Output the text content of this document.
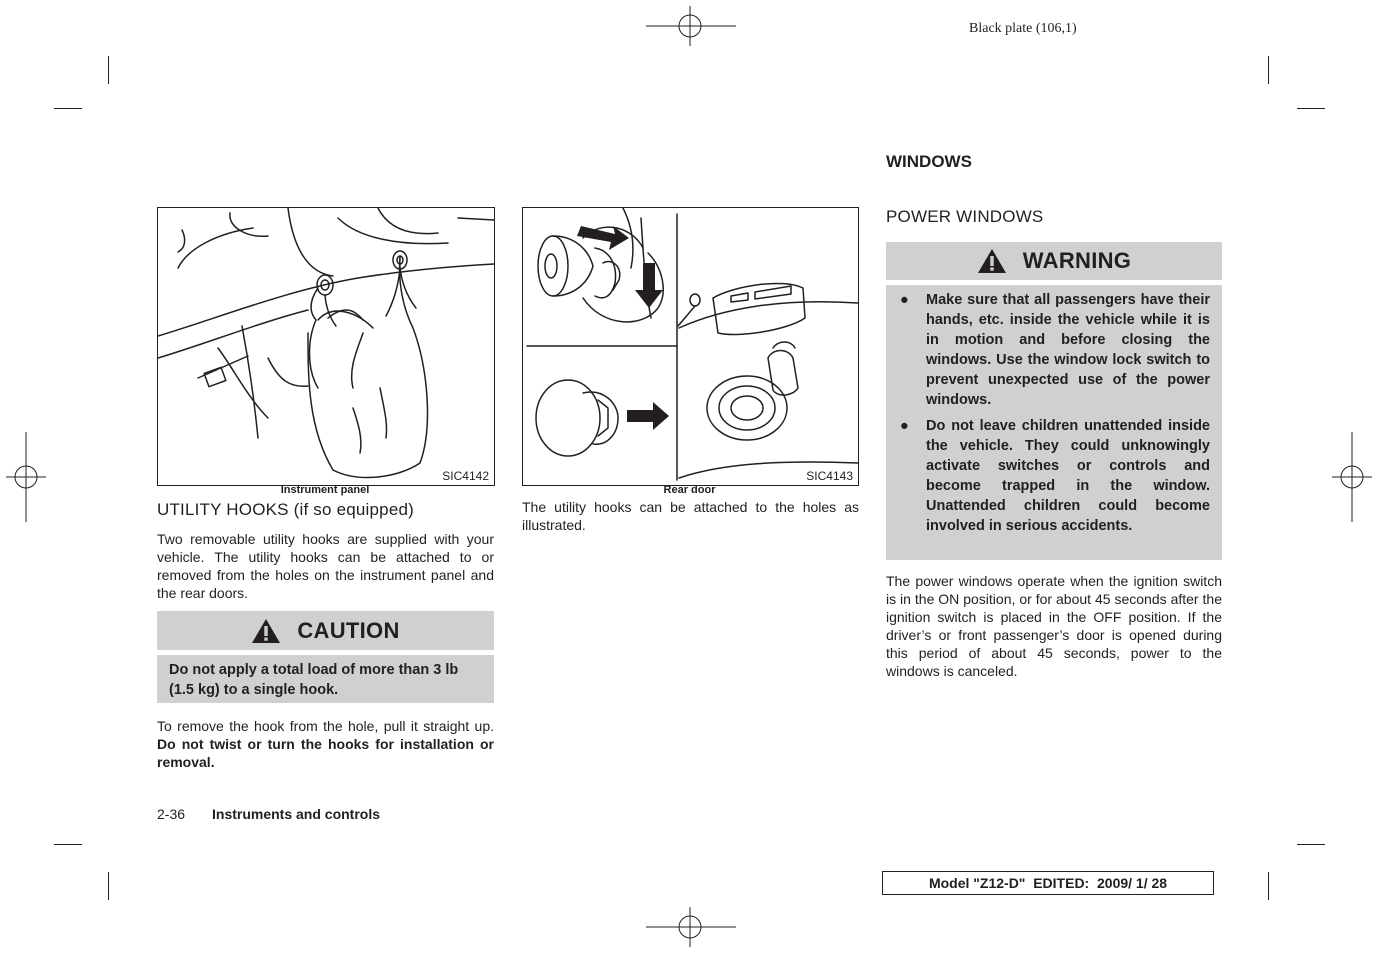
Black plate (106,1)
SIC4142
Instrument panel
SIC4143
Rear door
UTILITY HOOKS (if so equipped)
Two removable utility hooks are supplied with your vehicle. The utility hooks can be attached to or removed from the holes on the instrument panel and the rear doors.
CAUTION
Do not apply a total load of more than 3 lb (1.5 kg) to a single hook.
To remove the hook from the hole, pull it straight up. Do not twist or turn the hooks for installation or removal.
The utility hooks can be attached to the holes as illustrated.
WINDOWS
POWER WINDOWS
WARNING
● Make sure that all passengers have their hands, etc. inside the vehicle while it is in motion and before closing the windows. Use the window lock switch to prevent unexpected use of the power windows.
● Do not leave children unattended inside the vehicle. They could unknowingly activate switches or controls and become trapped in the window. Unattended children could become involved in serious accidents.
The power windows operate when the ignition switch is in the ON position, or for about 45 seconds after the ignition switch is placed in the OFF position. If the driver’s or front passenger’s door is opened during this period of about 45 seconds, power to the windows is canceled.
2-36 Instruments and controls
Model "Z12-D"  EDITED:  2009/ 1/ 28
